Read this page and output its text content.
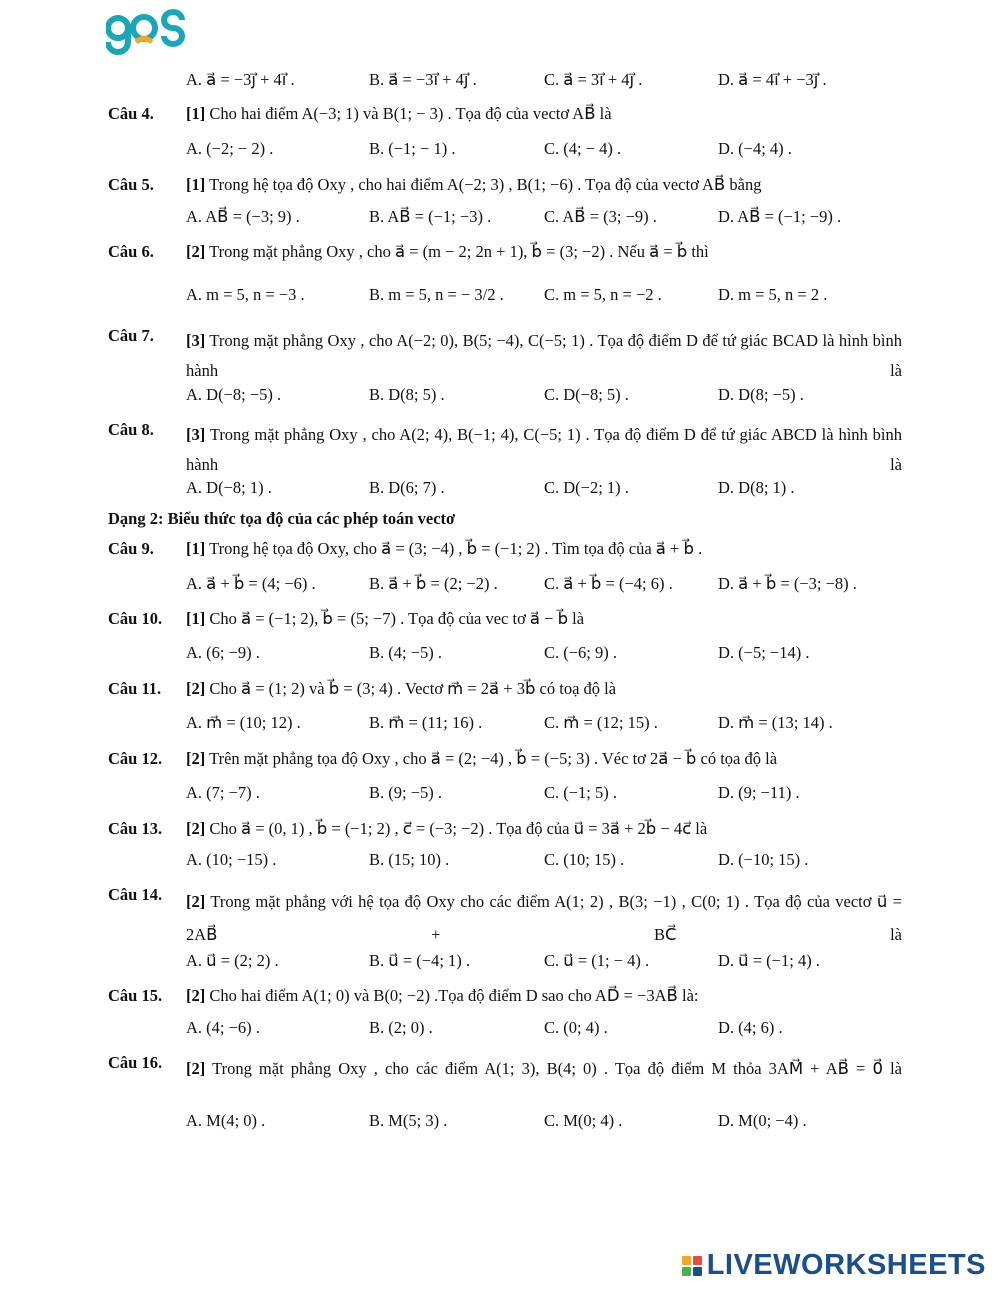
A. a⃗ = −3j⃗ + 4i⃗ .	B. a⃗ = −3i⃗ + 4j⃗ .	C. a⃗ = 3i⃗ + 4j⃗ .	D. a⃗ = 4i⃗ + −3j⃗ .
Câu 4. [1] Cho hai điểm A(−3; 1) và B(1; − 3) . Tọa độ của vectơ AB⃗ là
A. (−2; − 2) .	B. (−1; − 1) .	C. (4; − 4) .	D. (−4; 4) .
Câu 5. [1] Trong hệ tọa độ Oxy , cho hai điểm A(−2; 3) , B(1; −6) . Tọa độ của vectơ AB⃗ bằng
A. AB⃗ = (−3; 9) .	B. AB⃗ = (−1; −3) .	C. AB⃗ = (3; −9) .	D. AB⃗ = (−1; −9) .
Câu 6. [2] Trong mặt phẳng Oxy , cho a⃗ = (m − 2; 2n + 1), b⃗ = (3; −2) . Nếu a⃗ = b⃗ thì
A. m = 5, n = −3 .	B. m = 5, n = − 3/2 . C. m = 5, n = −2 .	D. m = 5, n = 2 .
Câu 7. [3] Trong mặt phẳng Oxy , cho A(−2; 0), B(5; −4), C(−5; 1) . Tọa độ điểm D để tứ giác BCAD là hình bình hành là
A. D(−8; −5) .	B. D(8; 5) .	C. D(−8; 5) .	D. D(8; −5) .
Câu 8. [3] Trong mặt phẳng Oxy , cho A(2; 4), B(−1; 4), C(−5; 1) . Tọa độ điểm D để tứ giác ABCD là hình bình hành là
A. D(−8; 1) .	B. D(6; 7) .	C. D(−2; 1) .	D. D(8; 1) .
Dạng 2: Biểu thức tọa độ của các phép toán vectơ
Câu 9. [1] Trong hệ tọa độ Oxy, cho a⃗ = (3; −4) , b⃗ = (−1; 2) . Tìm tọa độ của a⃗ + b⃗ .
A. a⃗ + b⃗ = (4; −6) .	B. a⃗ + b⃗ = (2; −2) .	C. a⃗ + b⃗ = (−4; 6) .	D. a⃗ + b⃗ = (−3; −8) .
Câu 10. [1] Cho a⃗ = (−1; 2), b⃗ = (5; −7) . Tọa độ của vec tơ a⃗ − b⃗ là
A. (6; −9) .	B. (4; −5) .	C. (−6; 9) .	D. (−5; −14) .
Câu 11. [2] Cho a⃗ = (1; 2) và b⃗ = (3; 4) . Vectơ m⃗ = 2a⃗ + 3b⃗ có toạ độ là
A. m⃗ = (10; 12) .	B. m⃗ = (11; 16) .	C. m⃗ = (12; 15) .	D. m⃗ = (13; 14) .
Câu 12. [2] Trên mặt phẳng tọa độ Oxy , cho a⃗ = (2; −4) , b⃗ = (−5; 3) . Véc tơ 2a⃗ − b⃗ có tọa độ là
A. (7; −7) .	B. (9; −5) .	C. (−1; 5) .	D. (9; −11) .
Câu 13. [2] Cho a⃗ = (0, 1) , b⃗ = (−1; 2) , c⃗ = (−3; −2) . Tọa độ của u⃗ = 3a⃗ + 2b⃗ − 4c⃗ là
A. (10; −15) .	B. (15; 10) .	C. (10; 15) .	D. (−10; 15) .
Câu 14. [2] Trong mặt phẳng với hệ tọa độ Oxy cho các điểm A(1; 2) , B(3; −1) , C(0; 1) . Tọa độ của vectơ u⃗ = 2AB⃗ + BC⃗ là
A. u⃗ = (2; 2) .	B. u⃗ = (−4; 1) .	C. u⃗ = (1; − 4) .	D. u⃗ = (−1; 4) .
Câu 15. [2] Cho hai điểm A(1; 0) và B(0; −2) .Tọa độ điểm D sao cho AD⃗ = −3AB⃗ là:
A. (4; −6) .	B. (2; 0) .	C. (0; 4) .	D. (4; 6) .
Câu 16. [2] Trong mặt phẳng Oxy , cho các điểm A(1; 3), B(4; 0) . Tọa độ điểm M thỏa 3AM⃗ + AB⃗ = 0⃗ là
A. M(4; 0) .	B. M(5; 3) .	C. M(0; 4) .	D. M(0; −4) .
LIVEWORKSHEETS
